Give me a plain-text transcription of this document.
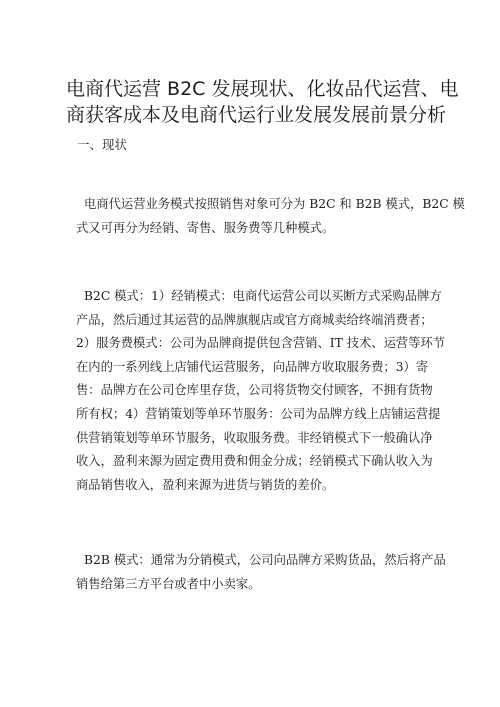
电商代运营 B2C 发展现状、化妆品代运营、电
商获客成本及电商代运行业发展发展前景分析
一、现状
电商代运营业务模式按照销售对象可分为 B2C 和 B2B 模式，B2C 模
式又可再分为经销、寄售、服务费等几种模式。
B2C 模式：1）经销模式：电商代运营公司以买断方式采购品牌方
产品，然后通过其运营的品牌旗舰店或官方商城卖给终端消费者；
2）服务费模式：公司为品牌商提供包含营销、IT 技术、运营等环节
在内的一系列线上店铺代运营服务，向品牌方收取服务费；3）寄
售：品牌方在公司仓库里存货，公司将货物交付顾客，不拥有货物
所有权；4）营销策划等单环节服务：公司为品牌方线上店铺运营提
供营销策划等单环节服务，收取服务费。非经销模式下一般确认净
收入，盈利来源为固定费用费和佣金分成；经销模式下确认收入为
商品销售收入，盈利来源为进货与销货的差价。
B2B 模式：通常为分销模式，公司向品牌方采购货品，然后将产品
销售给第三方平台或者中小卖家。
